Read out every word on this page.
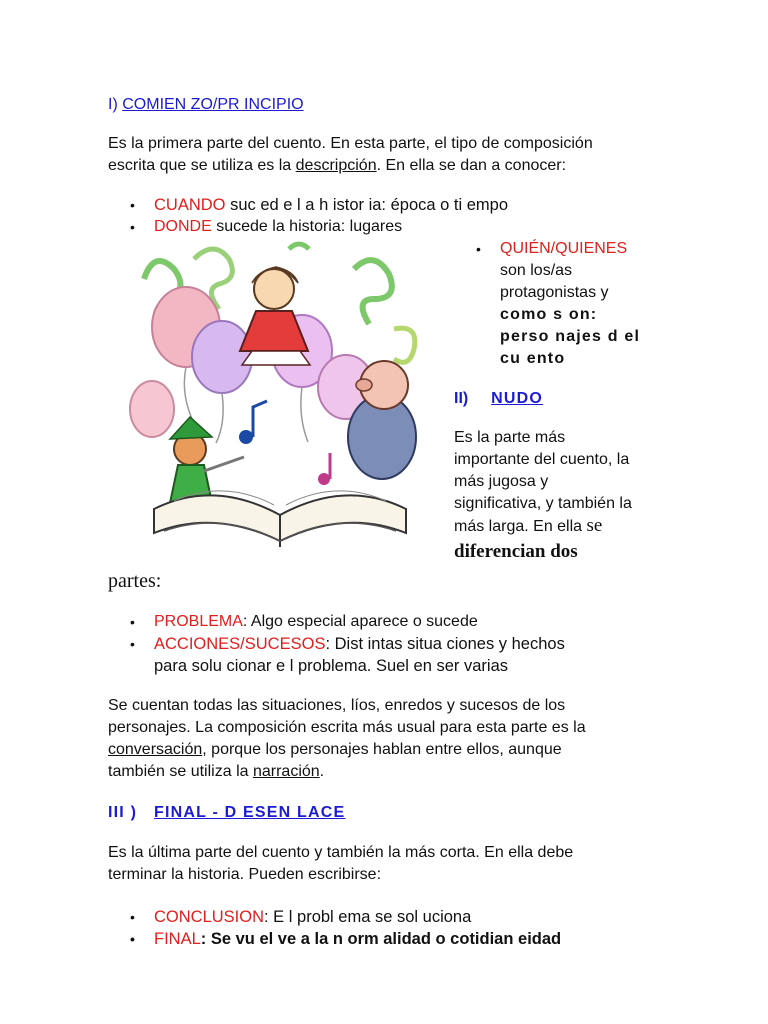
I) COMIEN ZO/PR INCIPIO
Es la primera parte del cuento. En esta parte, el tipo de composición
escrita que se utiliza es la descripción. En ella se dan a conocer:
• CUANDO suc ed e l a h istor ia: época o ti empo
• DONDE sucede la historia: lugares
• QUIÉN/QUIENES
son los/as
protagonistas y
como s on:
perso najes d el
cu ento
II) NUDO
Es la parte más
importante del cuento, la
más jugosa y
significativa, y también la
más larga. En ella se
diferencian dos
partes:
• PROBLEMA: Algo especial aparece o sucede
• ACCIONES/SUCESOS: Dist intas situa ciones y hechos
para solu cionar e l problema. Suel en ser varias
Se cuentan todas las situaciones, líos, enredos y sucesos de los
personajes. La composición escrita más usual para esta parte es la
conversación, porque los personajes hablan entre ellos, aunque
también se utiliza la narración.
III ) FINAL - D ESEN LACE
Es la última parte del cuento y también la más corta. En ella debe
terminar la historia. Pueden escribirse:
• CONCLUSION: E l probl ema se sol uciona
• FINAL: Se vu el ve a la n orm alidad o cotidian eidad
